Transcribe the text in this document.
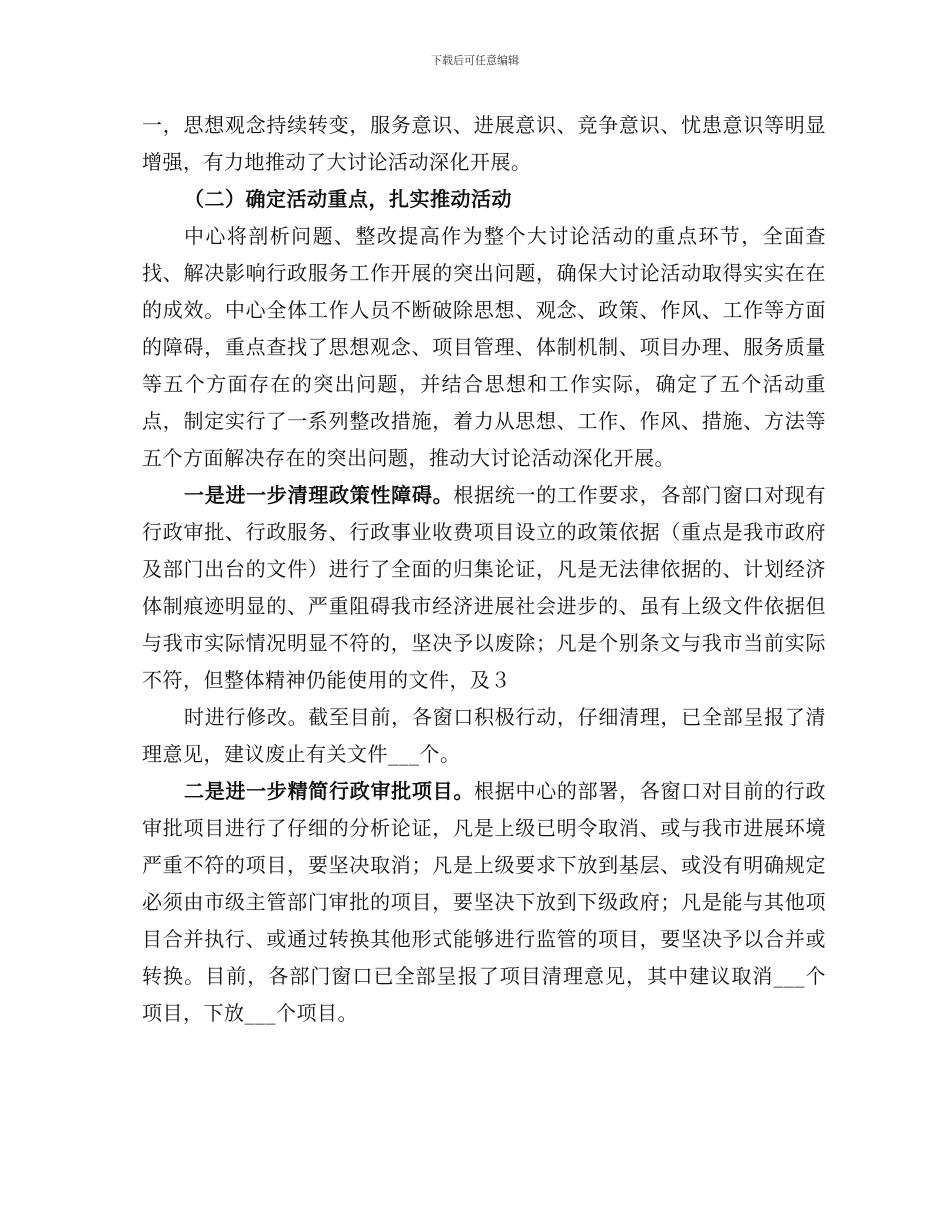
下载后可任意编辑

一，思想观念持续转变，服务意识、进展意识、竞争意识、忧患意识等明显增强，有力地推动了大讨论活动深化开展。

（二）确定活动重点，扎实推动活动

中心将剖析问题、整改提高作为整个大讨论活动的重点环节，全面查找、解决影响行政服务工作开展的突出问题，确保大讨论活动取得实实在在的成效。中心全体工作人员不断破除思想、观念、政策、作风、工作等方面的障碍，重点查找了思想观念、项目管理、体制机制、项目办理、服务质量等五个方面存在的突出问题，并结合思想和工作实际，确定了五个活动重点，制定实行了一系列整改措施，着力从思想、工作、作风、措施、方法等五个方面解决存在的突出问题，推动大讨论活动深化开展。

一是进一步清理政策性障碍。根据统一的工作要求，各部门窗口对现有行政审批、行政服务、行政事业收费项目设立的政策依据（重点是我市政府及部门出台的文件）进行了全面的归集论证，凡是无法律依据的、计划经济体制痕迹明显的、严重阻碍我市经济进展社会进步的、虽有上级文件依据但与我市实际情况明显不符的，坚决予以废除；凡是个别条文与我市当前实际不符，但整体精神仍能使用的文件，及３

时进行修改。截至目前，各窗口积极行动，仔细清理，已全部呈报了清理意见，建议废止有关文件___个。

二是进一步精简行政审批项目。根据中心的部署，各窗口对目前的行政审批项目进行了仔细的分析论证，凡是上级已明令取消、或与我市进展环境严重不符的项目，要坚决取消；凡是上级要求下放到基层、或没有明确规定必须由市级主管部门审批的项目，要坚决下放到下级政府；凡是能与其他项目合并执行、或通过转换其他形式能够进行监管的项目，要坚决予以合并或转换。目前，各部门窗口已全部呈报了项目清理意见，其中建议取消___个项目，下放___个项目。
